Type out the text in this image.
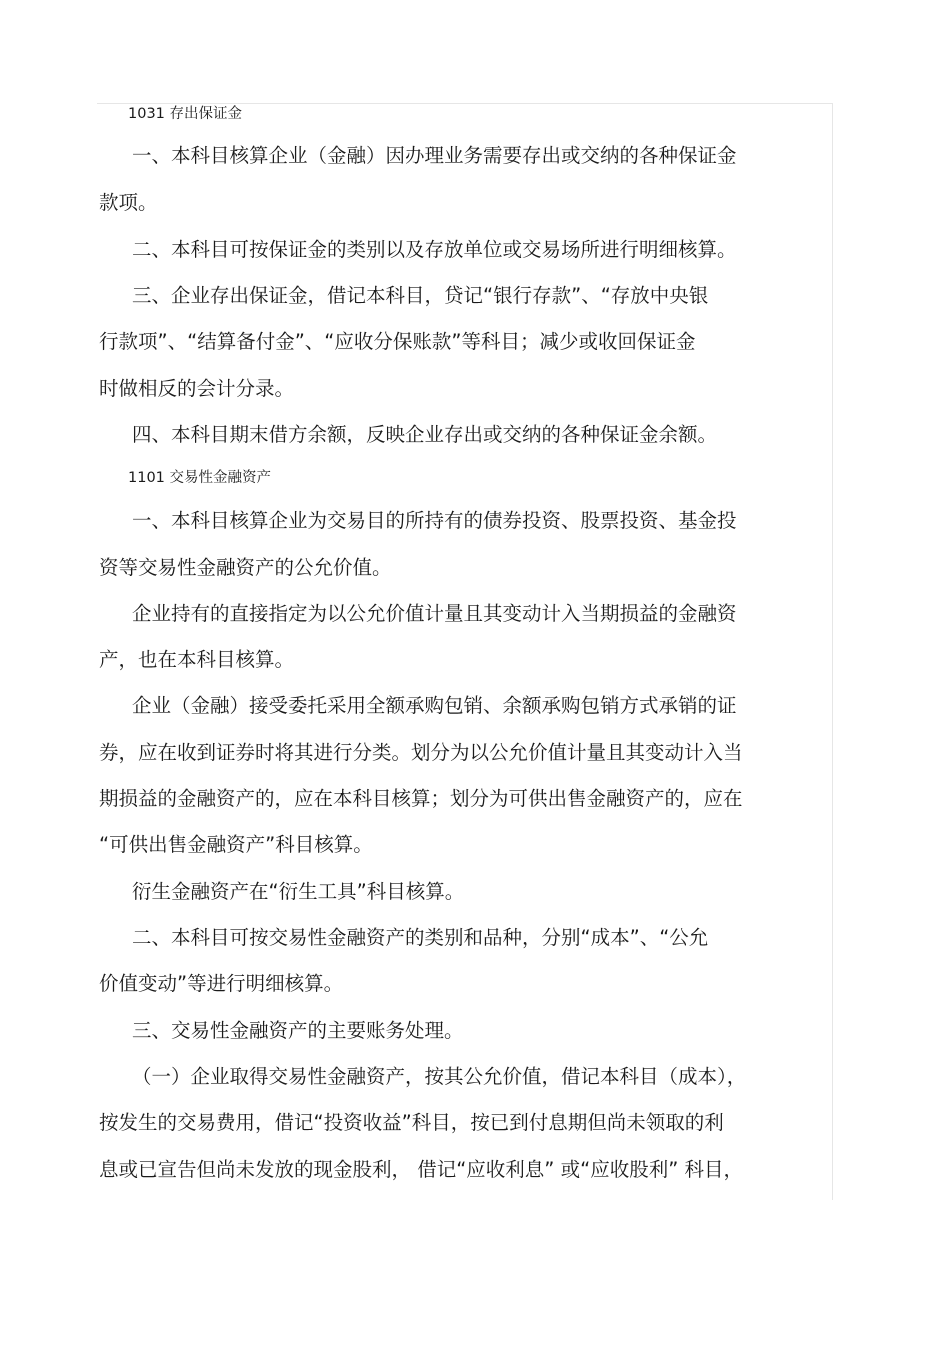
1031 存出保证金
一、本科目核算企业（金融）因办理业务需要存出或交纳的各种保证金
款项。
二、本科目可按保证金的类别以及存放单位或交易场所进行明细核算。
三、企业存出保证金，借记本科目，贷记“银行存款”、“存放中央银
行款项”、“结算备付金”、“应收分保账款”等科目；减少或收回保证金
时做相反的会计分录。
四、本科目期末借方余额，反映企业存出或交纳的各种保证金余额。
1101 交易性金融资产
一、本科目核算企业为交易目的所持有的债券投资、股票投资、基金投
资等交易性金融资产的公允价值。
企业持有的直接指定为以公允价值计量且其变动计入当期损益的金融资
产，也在本科目核算。
企业（金融）接受委托采用全额承购包销、余额承购包销方式承销的证
券，应在收到证券时将其进行分类。划分为以公允价值计量且其变动计入当
期损益的金融资产的，应在本科目核算；划分为可供出售金融资产的，应在
“可供出售金融资产”科目核算。
衍生金融资产在“衍生工具”科目核算。
二、本科目可按交易性金融资产的类别和品种，分别“成本”、“公允
价值变动”等进行明细核算。
三、交易性金融资产的主要账务处理。
（一）企业取得交易性金融资产，按其公允价值，借记本科目（成本），
按发生的交易费用，借记“投资收益”科目，按已到付息期但尚未领取的利
息或已宣告但尚未发放的现金股利， 借记“应收利息” 或“应收股利” 科目，
